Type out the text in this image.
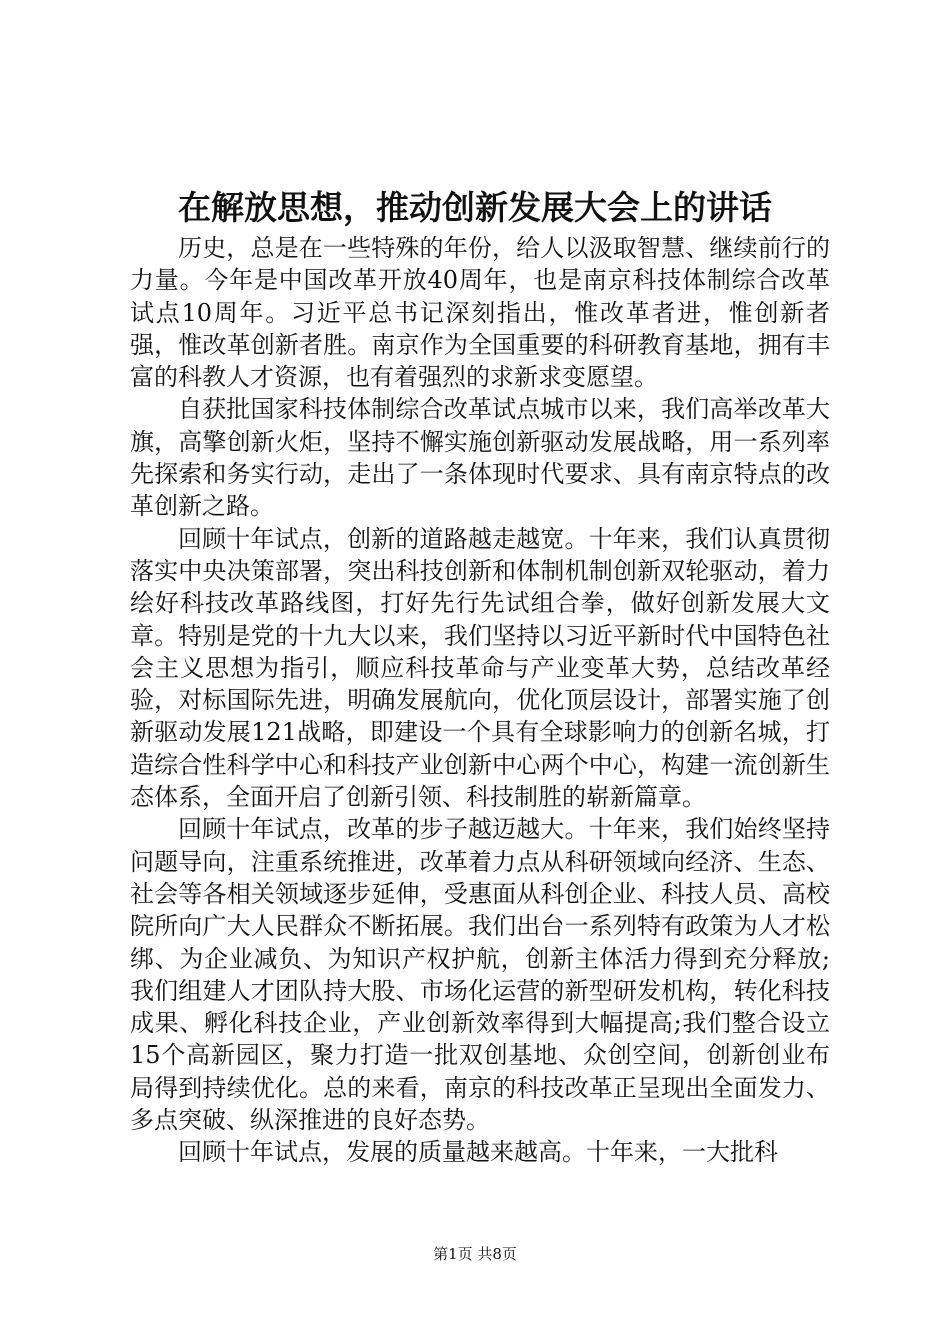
在解放思想，推动创新发展大会上的讲话

历史，总是在一些特殊的年份，给人以汲取智慧、继续前行的力量。今年是中国改革开放40周年，也是南京科技体制综合改革试点10周年。习近平总书记深刻指出，惟改革者进，惟创新者强，惟改革创新者胜。南京作为全国重要的科研教育基地，拥有丰富的科教人才资源，也有着强烈的求新求变愿望。

自获批国家科技体制综合改革试点城市以来，我们高举改革大旗，高擎创新火炬，坚持不懈实施创新驱动发展战略，用一系列率先探索和务实行动，走出了一条体现时代要求、具有南京特点的改革创新之路。

回顾十年试点，创新的道路越走越宽。十年来，我们认真贯彻落实中央决策部署，突出科技创新和体制机制创新双轮驱动，着力绘好科技改革路线图，打好先行先试组合拳，做好创新发展大文章。特别是党的十九大以来，我们坚持以习近平新时代中国特色社会主义思想为指引，顺应科技革命与产业变革大势，总结改革经验，对标国际先进，明确发展航向，优化顶层设计，部署实施了创新驱动发展121战略，即建设一个具有全球影响力的创新名城，打造综合性科学中心和科技产业创新中心两个中心，构建一流创新生态体系，全面开启了创新引领、科技制胜的崭新篇章。

回顾十年试点，改革的步子越迈越大。十年来，我们始终坚持问题导向，注重系统推进，改革着力点从科研领域向经济、生态、社会等各相关领域逐步延伸，受惠面从科创企业、科技人员、高校院所向广大人民群众不断拓展。我们出台一系列特有政策为人才松绑、为企业减负、为知识产权护航，创新主体活力得到充分释放;我们组建人才团队持大股、市场化运营的新型研发机构，转化科技成果、孵化科技企业，产业创新效率得到大幅提高;我们整合设立15个高新园区，聚力打造一批双创基地、众创空间，创新创业布局得到持续优化。总的来看，南京的科技改革正呈现出全面发力、多点突破、纵深推进的良好态势。

回顾十年试点，发展的质量越来越高。十年来，一大批科

第1页 共8页
